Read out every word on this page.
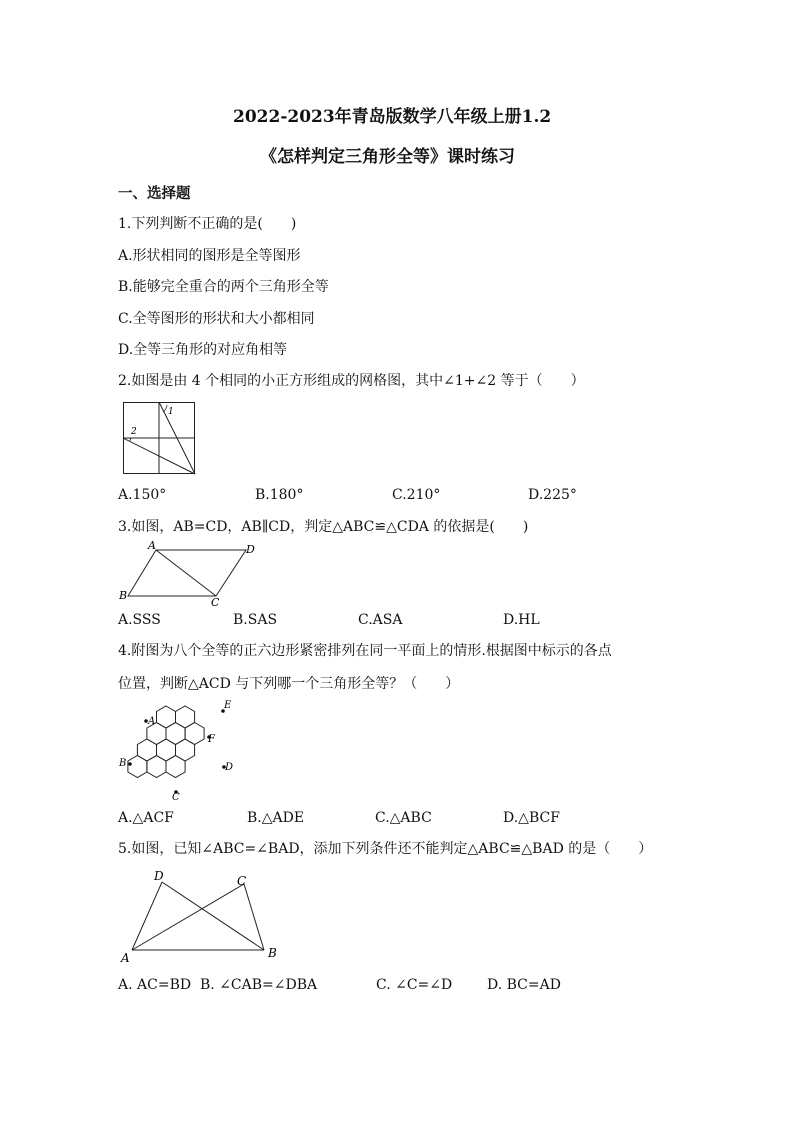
2022-2023年青岛版数学八年级上册1.2
《怎样判定三角形全等》课时练习
一、选择题
1.下列判断不正确的是(　　)
A.形状相同的图形是全等图形
B.能够完全重合的两个三角形全等
C.全等图形的形状和大小都相同
D.全等三角形的对应角相等
2.如图是由 4 个相同的小正方形组成的网格图，其中∠1+∠2 等于（　　）
1
2
A.150°	B.180°	C.210°	D.225°
3.如图，AB=CD，AB∥CD，判定△ABC≌△CDA 的依据是(　　)
A	D
B
C
A.SSS	B.SAS	C.ASA	D.HL
4.附图为八个全等的正六边形紧密排列在同一平面上的情形.根据图中标示的各点
位置，判断△ACD 与下列哪一个三角形全等？（　　）
A
E
F
B	D
C
A.△ACF	B.△ADE	C.△ABC	D.△BCF
5.如图，已知∠ABC=∠BAD，添加下列条件还不能判定△ABC≌△BAD 的是（　　）
D	C
A	B
A. AC=BD B. ∠CAB=∠DBA	C. ∠C=∠D D. BC=AD
